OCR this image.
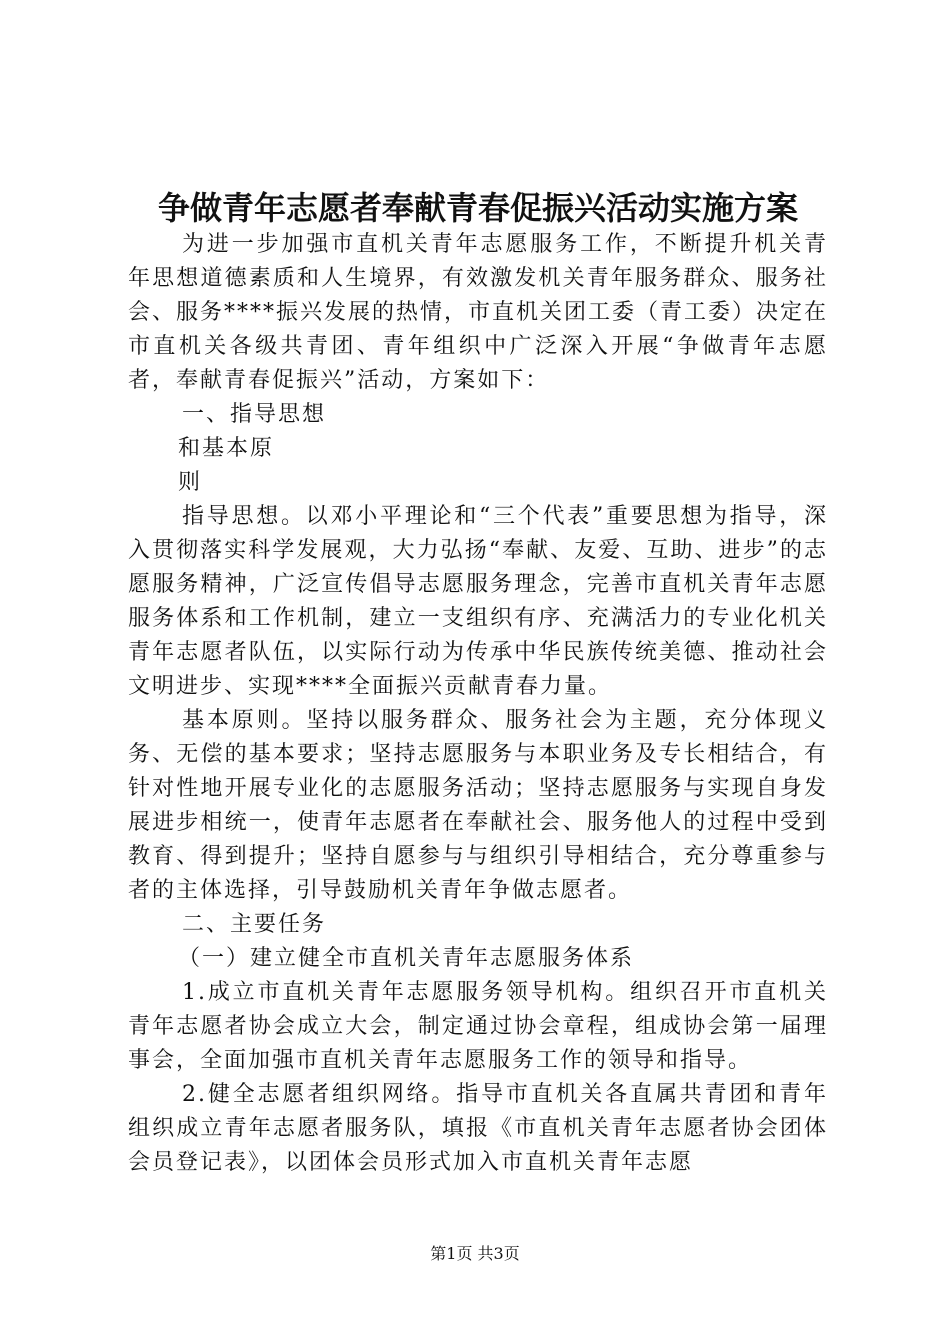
争做青年志愿者奉献青春促振兴活动实施方案

为进一步加强市直机关青年志愿服务工作，不断提升机关青年思想道德素质和人生境界，有效激发机关青年服务群众、服务社会、服务****振兴发展的热情，市直机关团工委（青工委）决定在市直机关各级共青团、青年组织中广泛深入开展“争做青年志愿者，奉献青春促振兴”活动，方案如下：

一、指导思想

和基本原

则

指导思想。以邓小平理论和“三个代表”重要思想为指导，深入贯彻落实科学发展观，大力弘扬“奉献、友爱、互助、进步”的志愿服务精神，广泛宣传倡导志愿服务理念，完善市直机关青年志愿服务体系和工作机制，建立一支组织有序、充满活力的专业化机关青年志愿者队伍，以实际行动为传承中华民族传统美德、推动社会文明进步、实现****全面振兴贡献青春力量。

基本原则。坚持以服务群众、服务社会为主题，充分体现义务、无偿的基本要求；坚持志愿服务与本职业务及专长相结合，有针对性地开展专业化的志愿服务活动；坚持志愿服务与实现自身发展进步相统一，使青年志愿者在奉献社会、服务他人的过程中受到教育、得到提升；坚持自愿参与与组织引导相结合，充分尊重参与者的主体选择，引导鼓励机关青年争做志愿者。

二、主要任务

（一）建立健全市直机关青年志愿服务体系

1.成立市直机关青年志愿服务领导机构。组织召开市直机关青年志愿者协会成立大会，制定通过协会章程，组成协会第一届理事会，全面加强市直机关青年志愿服务工作的领导和指导。

2.健全志愿者组织网络。指导市直机关各直属共青团和青年组织成立青年志愿者服务队，填报《市直机关青年志愿者协会团体会员登记表》，以团体会员形式加入市直机关青年志愿

第1页 共3页
